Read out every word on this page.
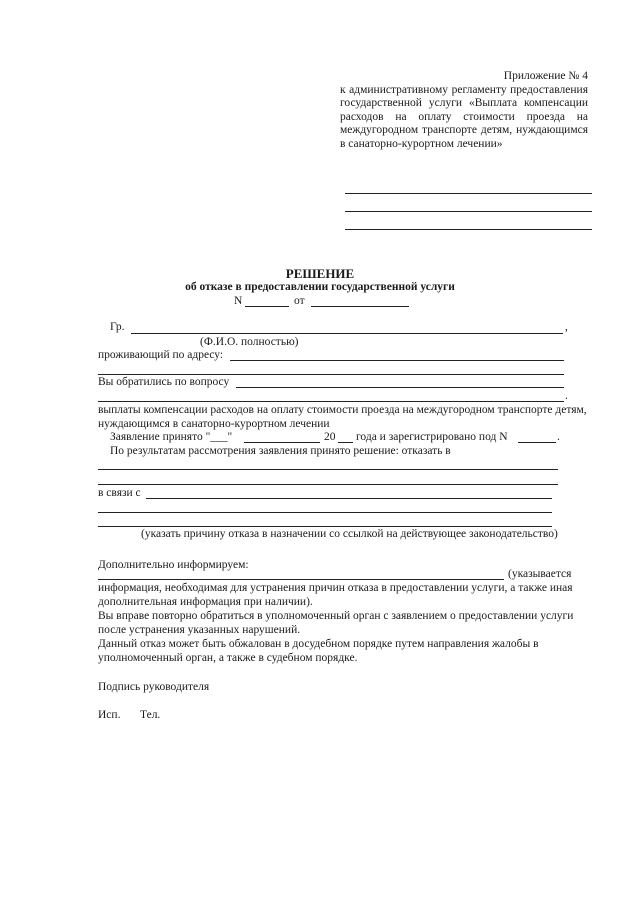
Приложение № 4
к административному регламенту предоставления государственной услуги «Выплата компенсации расходов на оплату стоимости проезда на междугородном транспорте детям, нуждающимся в санаторно-курортном лечении»
РЕШЕНИЕ
об отказе в предоставлении государственной услуги
N	от
Гр.	,
(Ф.И.О. полностью)
проживающий по адресу:
Вы обратились по вопросу
.
выплаты компенсации расходов на оплату стоимости проезда на междугородном транспорте детям,
нуждающимся в санаторно-курортном лечении
Заявление принято "___"	20 года и зарегистрировано под N	.
По результатам рассмотрения заявления принято решение: отказать в
в связи с
(указать причину отказа в назначении со ссылкой на действующее законодательство)
Дополнительно информируем:
(указывается
информация, необходимая для устранения причин отказа в предоставлении услуги, а также иная
дополнительная информация при наличии).
Вы вправе повторно обратиться в уполномоченный орган с заявлением о предоставлении услуги
после устранения указанных нарушений.
Данный отказ может быть обжалован в досудебном порядке путем направления жалобы в
уполномоченный орган, а также в судебном порядке.
Подпись руководителя
Исп. Тел.
